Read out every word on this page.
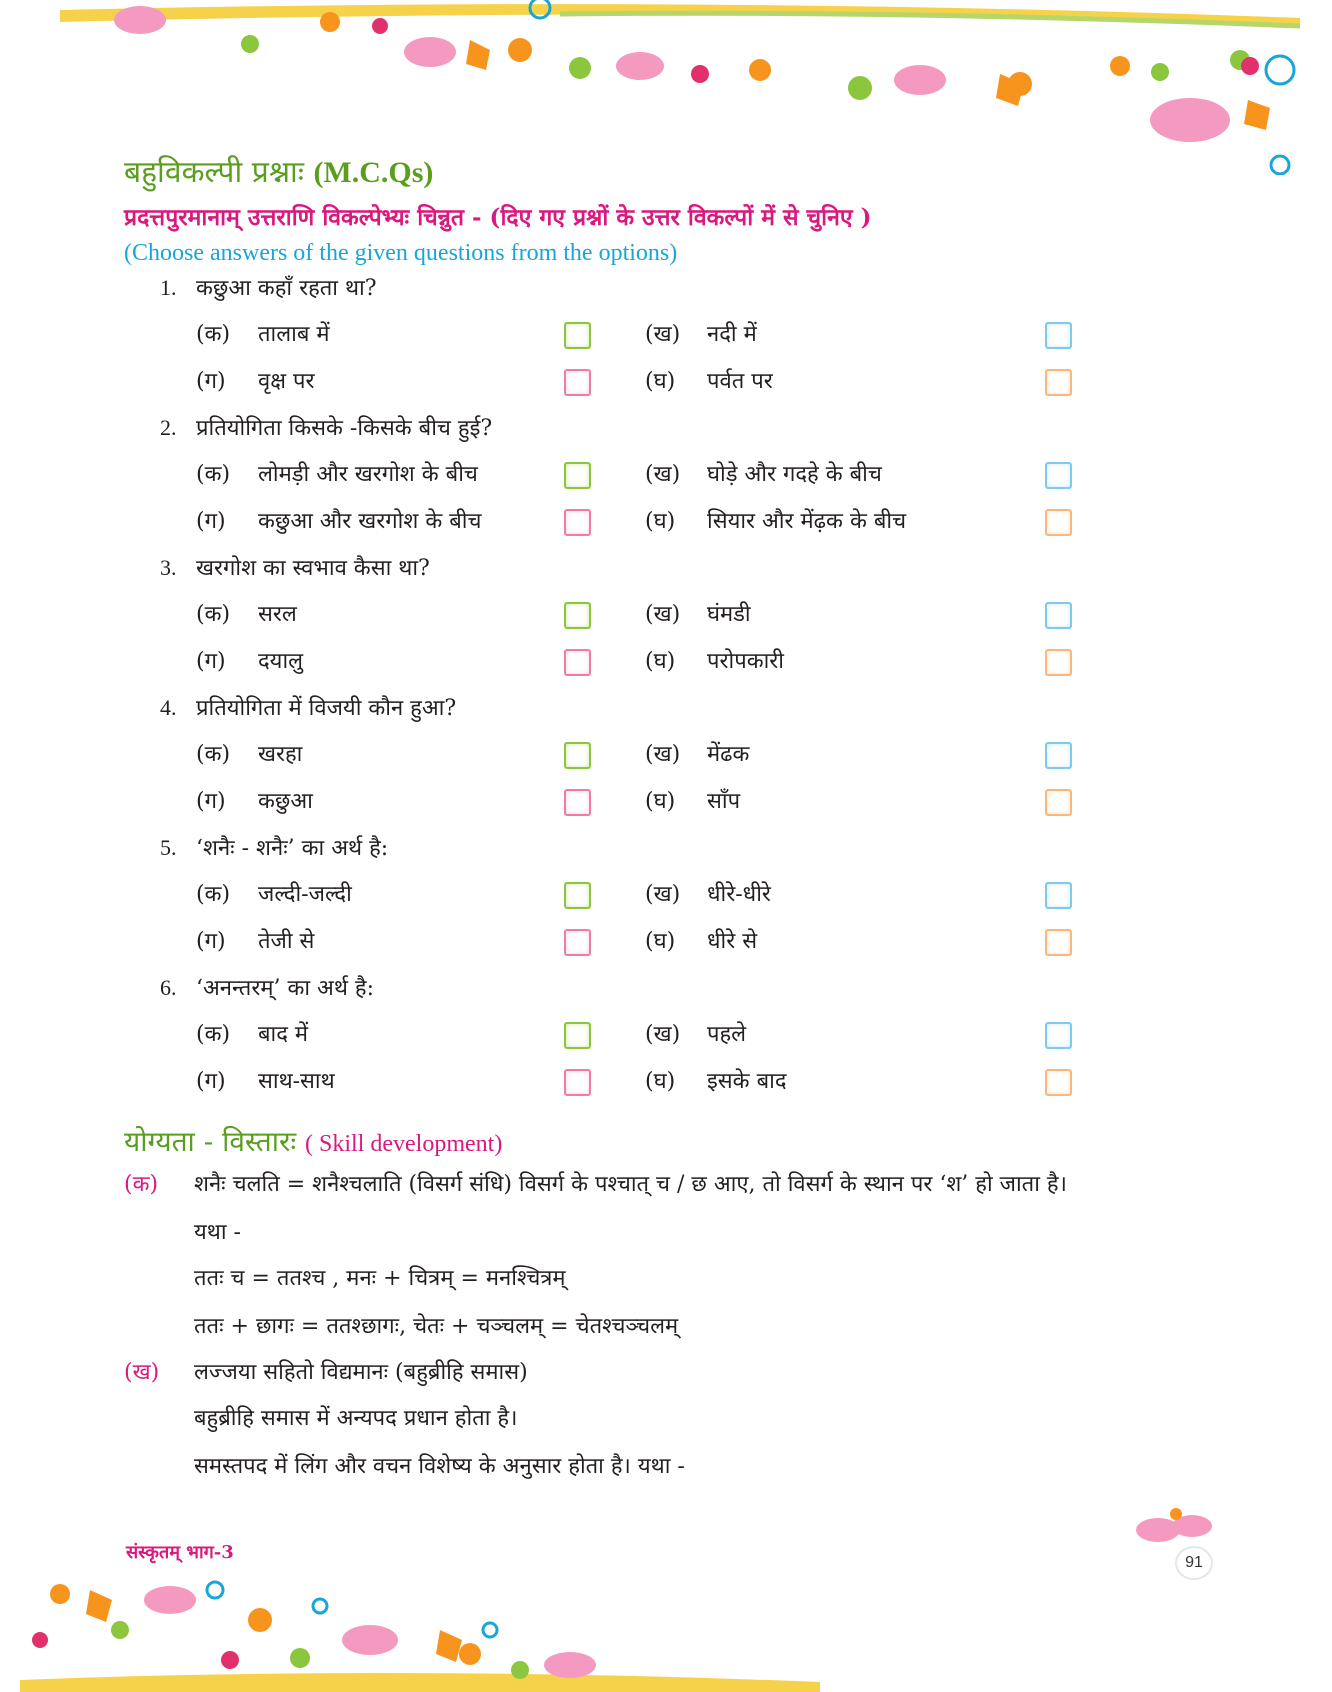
बहुविकल्पी प्रश्नाः (M.C.Qs)
प्रदत्तपुरमानाम् उत्तराणि विकल्पेभ्यः चिन्नुत - (दिए गए प्रश्नों के उत्तर विकल्पों में से चुनिए )
(Choose answers of the given questions from the options)
1. कछुआ कहाँ रहता था?
(क) तालाब में	(ख) नदी में
(ग) वृक्ष पर	(घ) पर्वत पर
2. प्रतियोगिता किसके -किसके बीच हुई?
(क) लोमड़ी और खरगोश के बीच	(ख) घोड़े और गदहे के बीच
(ग) कछुआ और खरगोश के बीच	(घ) सियार और मेंढ़क के बीच
3. खरगोश का स्वभाव कैसा था?
(क) सरल	(ख) घंमडी
(ग) दयालु	(घ) परोपकारी
4. प्रतियोगिता में विजयी कौन हुआ?
(क) खरहा	(ख) मेंढक
(ग) कछुआ	(घ) साँप
5. ‘शनैः - शनैः’ का अर्थ है:
(क) जल्दी-जल्दी	(ख) धीरे-धीरे
(ग) तेजी से	(घ) धीरे से
6. ‘अनन्तरम्’ का अर्थ है:
(क) बाद में	(ख) पहले
(ग) साथ-साथ	(घ) इसके बाद
योग्यता - विस्तारः ( Skill development)
(क) शनैः चलति = शनैश्चलाति (विसर्ग संधि) विसर्ग के पश्चात् च / छ आए, तो विसर्ग के स्थान पर ‘श’ हो जाता है।
यथा -
ततः च = ततश्च , मनः + चित्रम् = मनश्चित्रम्
ततः + छागः = ततश्छागः, चेतः + चञ्चलम् = चेतश्चञ्चलम्
(ख) लज्जया सहितो विद्यमानः (बहुब्रीहि समास)
बहुब्रीहि समास में अन्यपद प्रधान होता है।
समस्तपद में लिंग और वचन विशेष्य के अनुसार होता है। यथा -
संस्कृतम् भाग-3	91
